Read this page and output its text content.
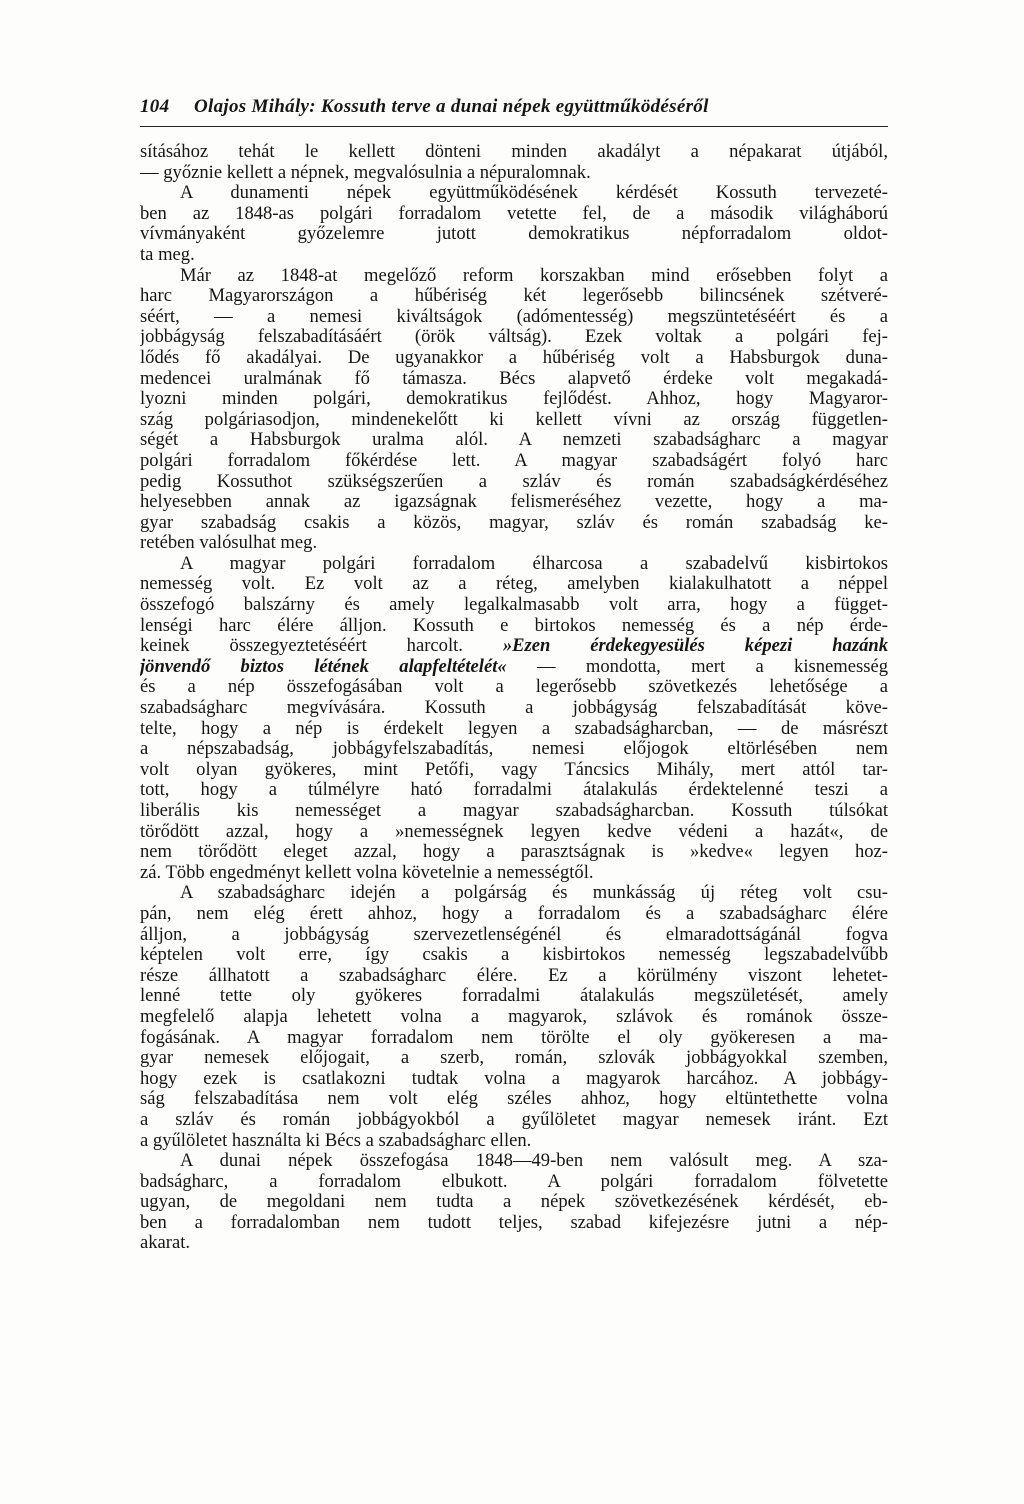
104 Olajos Mihály: Kossuth terve a dunai népek együttműködéséről
sításához tehát le kellett dönteni minden akadályt a népakarat útjából,
— győznie kellett a népnek, megvalósulnia a népuralomnak.
A dunamenti népek együttműködésének kérdését Kossuth tervezeté-
ben az 1848-as polgári forradalom vetette fel, de a második világháború
vívmányaként győzelemre jutott demokratikus népforradalom oldot-
ta meg.
Már az 1848-at megelőző reform korszakban mind erősebben folyt a
harc Magyarországon a hűbériség két legerősebb bilincsének szétveré-
séért, — a nemesi kiváltságok (adómentesség) megszüntetéséért és a
jobbágyság felszabadításáért (örök váltság). Ezek voltak a polgári fej-
lődés fő akadályai. De ugyanakkor a hűbériség volt a Habsburgok duna-
medencei uralmának fő támasza. Bécs alapvető érdeke volt megakadá-
lyozni minden polgári, demokratikus fejlődést. Ahhoz, hogy Magyaror-
szág polgáriasodjon, mindenekelőtt ki kellett vívni az ország független-
ségét a Habsburgok uralma alól. A nemzeti szabadságharc a magyar
polgári forradalom főkérdése lett. A magyar szabadságért folyó harc
pedig Kossuthot szükségszerűen a szláv és román szabadságkérdéséhez
helyesebben annak az igazságnak felismeréséhez vezette, hogy a ma-
gyar szabadság csakis a közös, magyar, szláv és román szabadság ke-
retében valósulhat meg.
A magyar polgári forradalom élharcosa a szabadelvű kisbirtokos
nemesség volt. Ez volt az a réteg, amelyben kialakulhatott a néppel
összefogó balszárny és amely legalkalmasabb volt arra, hogy a függet-
lenségi harc élére álljon. Kossuth e birtokos nemesség és a nép érde-
keinek összegyeztetéséért harcolt. »Ezen érdekegyesülés képezi hazánk
jönvendő biztos létének alapfeltételét« — mondotta, mert a kisnemesség
és a nép összefogásában volt a legerősebb szövetkezés lehetősége a
szabadságharc megvívására. Kossuth a jobbágyság felszabadítását köve-
telte, hogy a nép is érdekelt legyen a szabadságharcban, — de másrészt
a népszabadság, jobbágyfelszabadítás, nemesi előjogok eltörlésében nem
volt olyan gyökeres, mint Petőfi, vagy Táncsics Mihály, mert attól tar-
tott, hogy a túlmélyre ható forradalmi átalakulás érdektelenné teszi a
liberális kis nemességet a magyar szabadságharcban. Kossuth túlsókat
törődött azzal, hogy a »nemességnek legyen kedve védeni a hazát«, de
nem törődött eleget azzal, hogy a parasztságnak is »kedve« legyen hoz-
zá. Több engedményt kellett volna követelnie a nemességtől.
A szabadságharc idején a polgárság és munkásság új réteg volt csu-
pán, nem elég érett ahhoz, hogy a forradalom és a szabadságharc élére
álljon, a jobbágyság szervezetlenségénél és elmaradottságánál fogva
képtelen volt erre, így csakis a kisbirtokos nemesség legszabadelvűbb
része állhatott a szabadságharc élére. Ez a körülmény viszont lehetet-
lenné tette oly gyökeres forradalmi átalakulás megszületését, amely
megfelelő alapja lehetett volna a magyarok, szlávok és románok össze-
fogásának. A magyar forradalom nem törölte el oly gyökeresen a ma-
gyar nemesek előjogait, a szerb, román, szlovák jobbágyokkal szemben,
hogy ezek is csatlakozni tudtak volna a magyarok harcához. A jobbágy-
ság felszabadítása nem volt elég széles ahhoz, hogy eltüntethette volna
a szláv és román jobbágyokból a gyűlöletet magyar nemesek iránt. Ezt
a gyűlöletet használta ki Bécs a szabadságharc ellen.
A dunai népek összefogása 1848—49-ben nem valósult meg. A sza-
badságharc, a forradalom elbukott. A polgári forradalom fölvetette
ugyan, de megoldani nem tudta a népek szövetkezésének kérdését, eb-
ben a forradalomban nem tudott teljes, szabad kifejezésre jutni a nép-
akarat.
